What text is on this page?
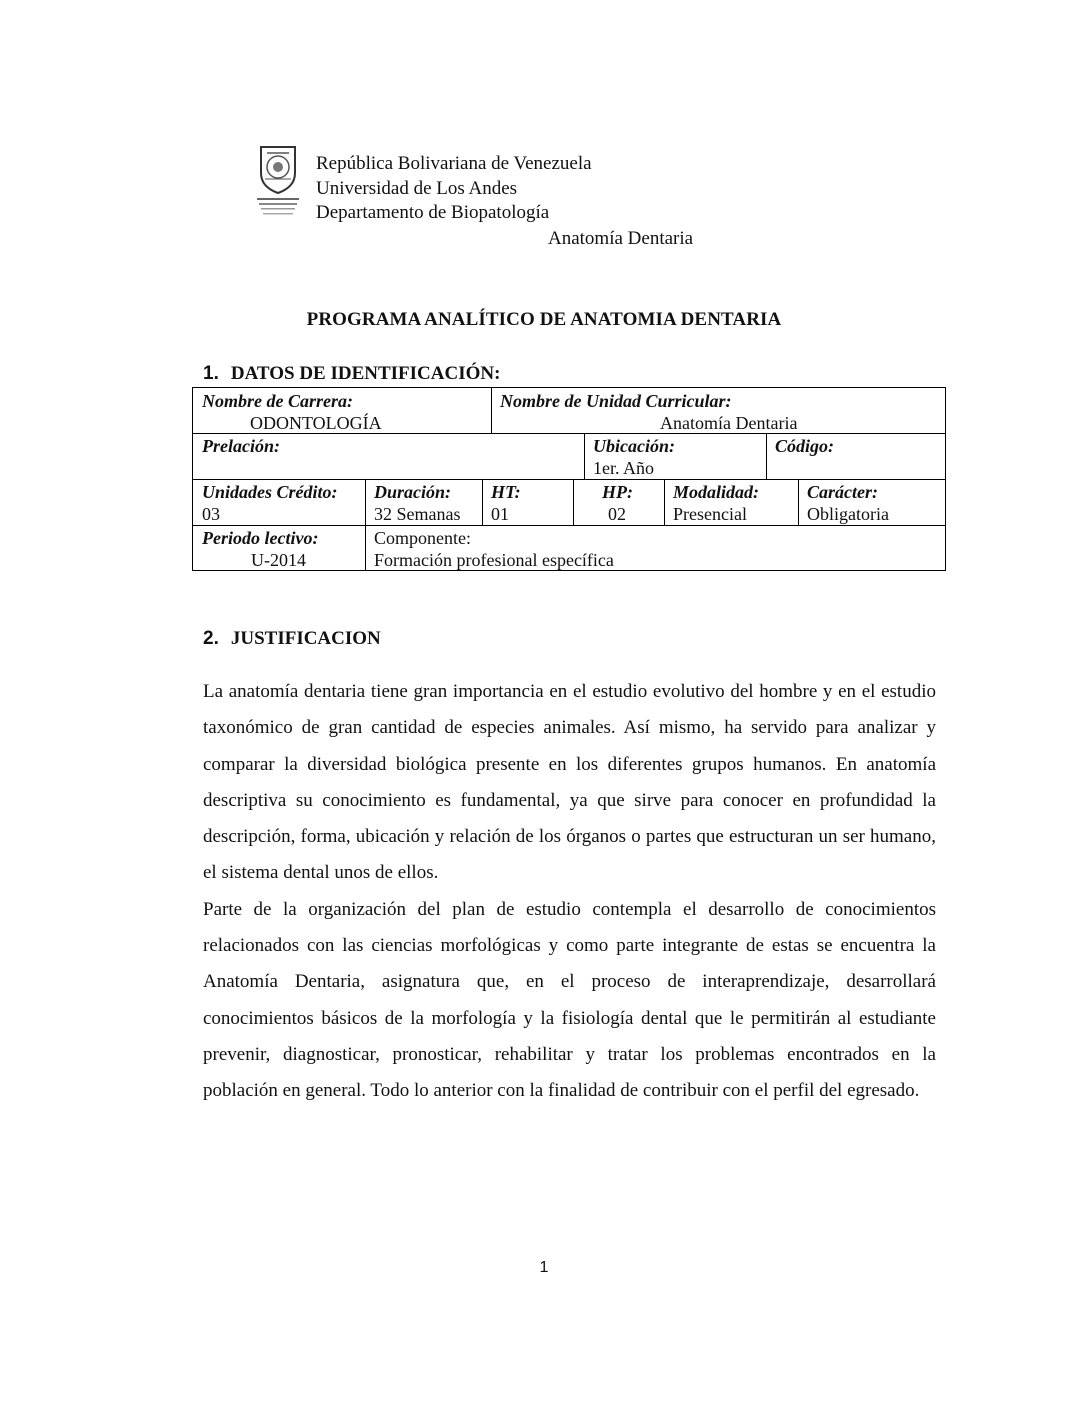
República Bolivariana de Venezuela
Universidad de Los Andes
Departamento de Biopatología
Anatomía Dentaria
PROGRAMA ANALÍTICO DE ANATOMIA DENTARIA
1. DATOS DE IDENTIFICACIÓN:
Nombre de Carrera:
ODONTOLOGÍA
Nombre de Unidad Curricular:
Anatomía Dentaria
Prelación:	Ubicación:
1er. Año
Código:
Unidades Crédito:
03
Duración:
32 Semanas
HT:
01
HP:
02
Modalidad:
Presencial
Carácter:
Obligatoria
Periodo lectivo:
U-2014
Componente:
Formación profesional específica
2. JUSTIFICACION

La anatomía dentaria tiene gran importancia en el estudio evolutivo del hombre y en el estudio taxonómico de gran cantidad de especies animales. Así mismo, ha servido para analizar y comparar la diversidad biológica presente en los diferentes grupos humanos. En anatomía descriptiva su conocimiento es fundamental, ya que sirve para conocer en profundidad la descripción, forma, ubicación y relación de los órganos o partes que estructuran un ser humano, el sistema dental unos de ellos.

Parte de la organización del plan de estudio contempla el desarrollo de conocimientos relacionados con las ciencias morfológicas y como parte integrante de estas se encuentra la Anatomía Dentaria, asignatura que, en el proceso de interaprendizaje, desarrollará conocimientos básicos de la morfología y la fisiología dental que le permitirán al estudiante prevenir, diagnosticar, pronosticar, rehabilitar y tratar los problemas encontrados en la población en general. Todo lo anterior con la finalidad de contribuir con el perfil del egresado.

1
